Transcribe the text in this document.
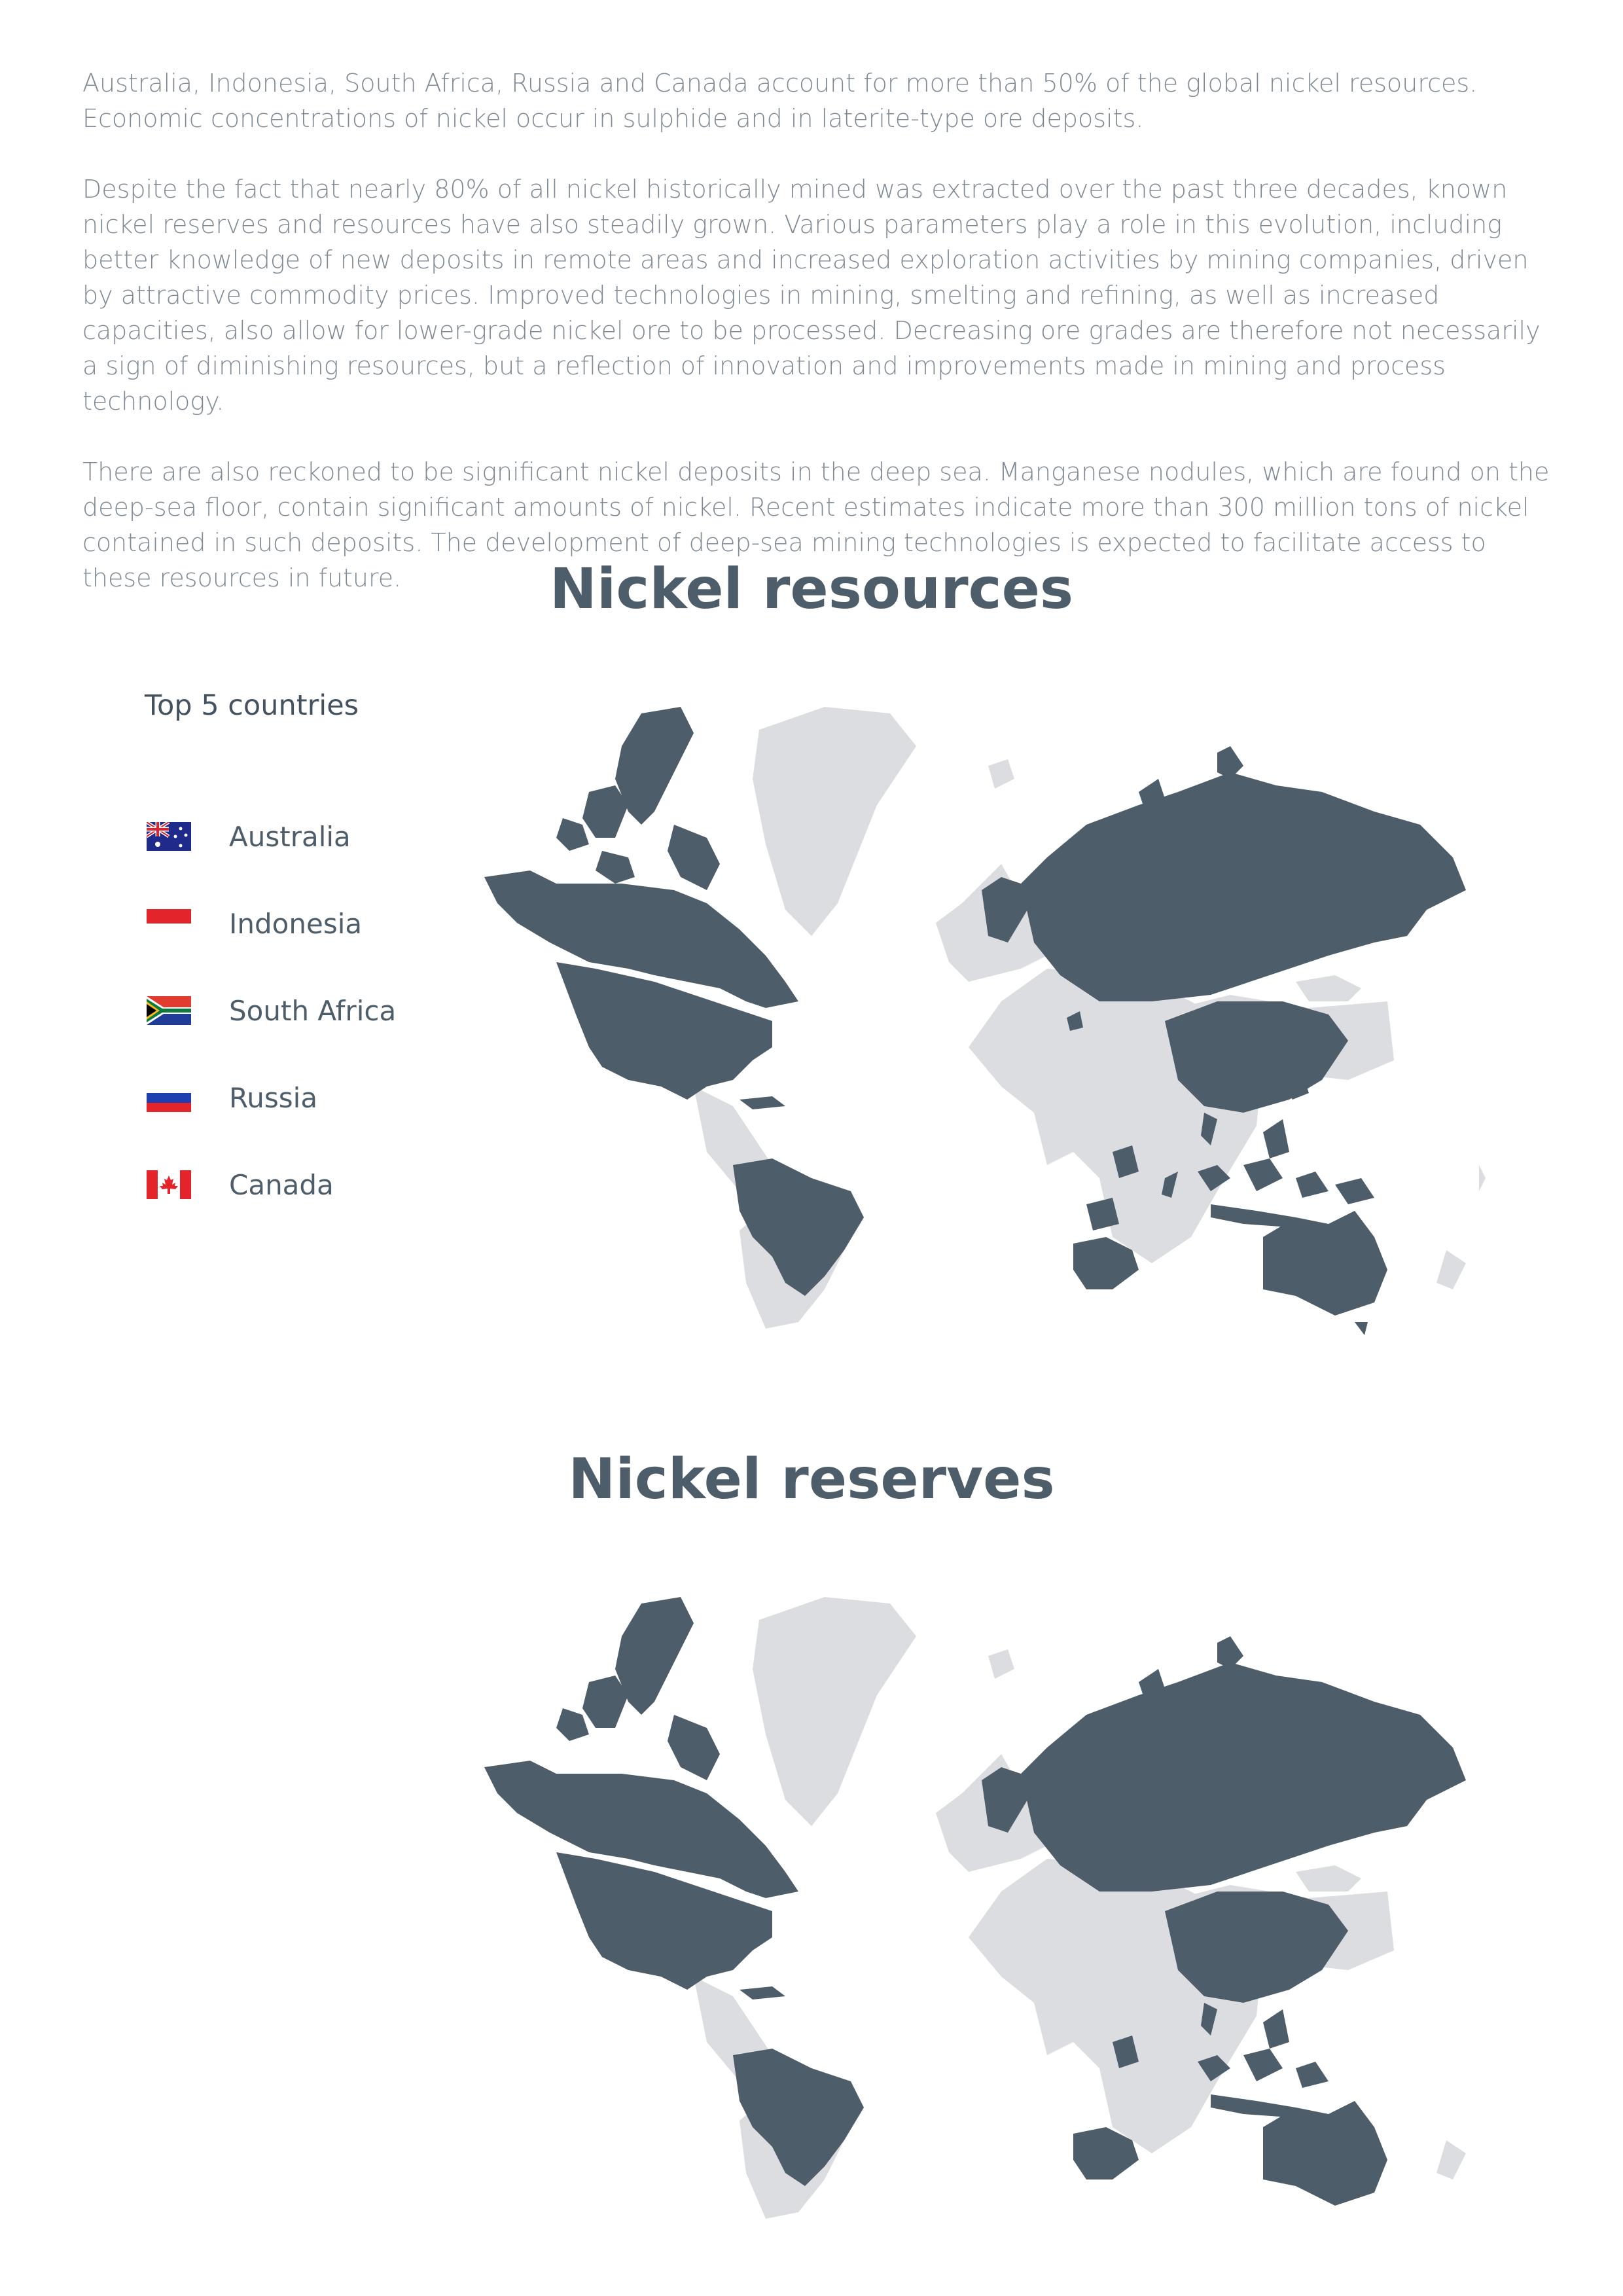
Australia, Indonesia, South Africa, Russia and Canada account for more than 50% of the global nickel resources. Economic concentrations of nickel occur in sulphide and in laterite-type ore deposits.

Despite the fact that nearly 80% of all nickel historically mined was extracted over the past three decades, known nickel reserves and resources have also steadily grown. Various parameters play a role in this evolution, including better knowledge of new deposits in remote areas and increased exploration activities by mining companies, driven by attractive commodity prices. Improved technologies in mining, smelting and refining, as well as increased capacities, also allow for lower-grade nickel ore to be processed. Decreasing ore grades are therefore not necessarily a sign of diminishing resources, but a reflection of innovation and improvements made in mining and process technology.

There are also reckoned to be significant nickel deposits in the deep sea. Manganese nodules, which are found on the deep-sea floor, contain significant amounts of nickel. Recent estimates indicate more than 300 million tons of nickel contained in such deposits. The development of deep-sea mining technologies is expected to facilitate access to these resources in future.	Nickel resources
Top 5 countries
Australia
Indonesia
South Africa
Russia
Canada
Nickel reserves
